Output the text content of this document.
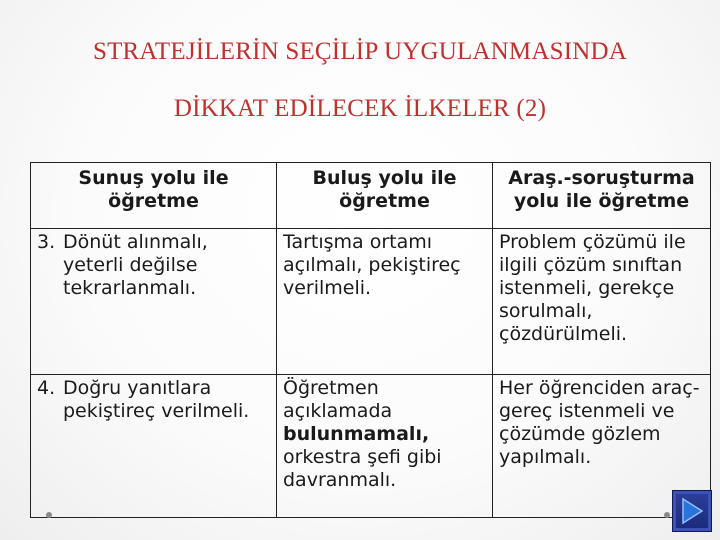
STRATEJİLERİN SEÇİLİP UYGULANMASINDA
DİKKAT EDİLECEK İLKELER (2)
Sunuş yolu ile öğretme	Buluş yolu ile öğretme	Araş.-soruşturma yolu ile öğretme
3. Dönüt alınmalı, yeterli değilse tekrarlanmalı.	Tartışma ortamı açılmalı, pekiştireç verilmeli.	Problem çözümü ile ilgili çözüm sınıftan istenmeli, gerekçe sorulmalı, çözdürülmeli.
4. Doğru yanıtlara pekiştireç verilmeli.	Öğretmen açıklamada bulunmamalı, orkestra şefi gibi davranmalı.	Her öğrenciden araç-gereç istenmeli ve çözümde gözlem yapılmalı.
